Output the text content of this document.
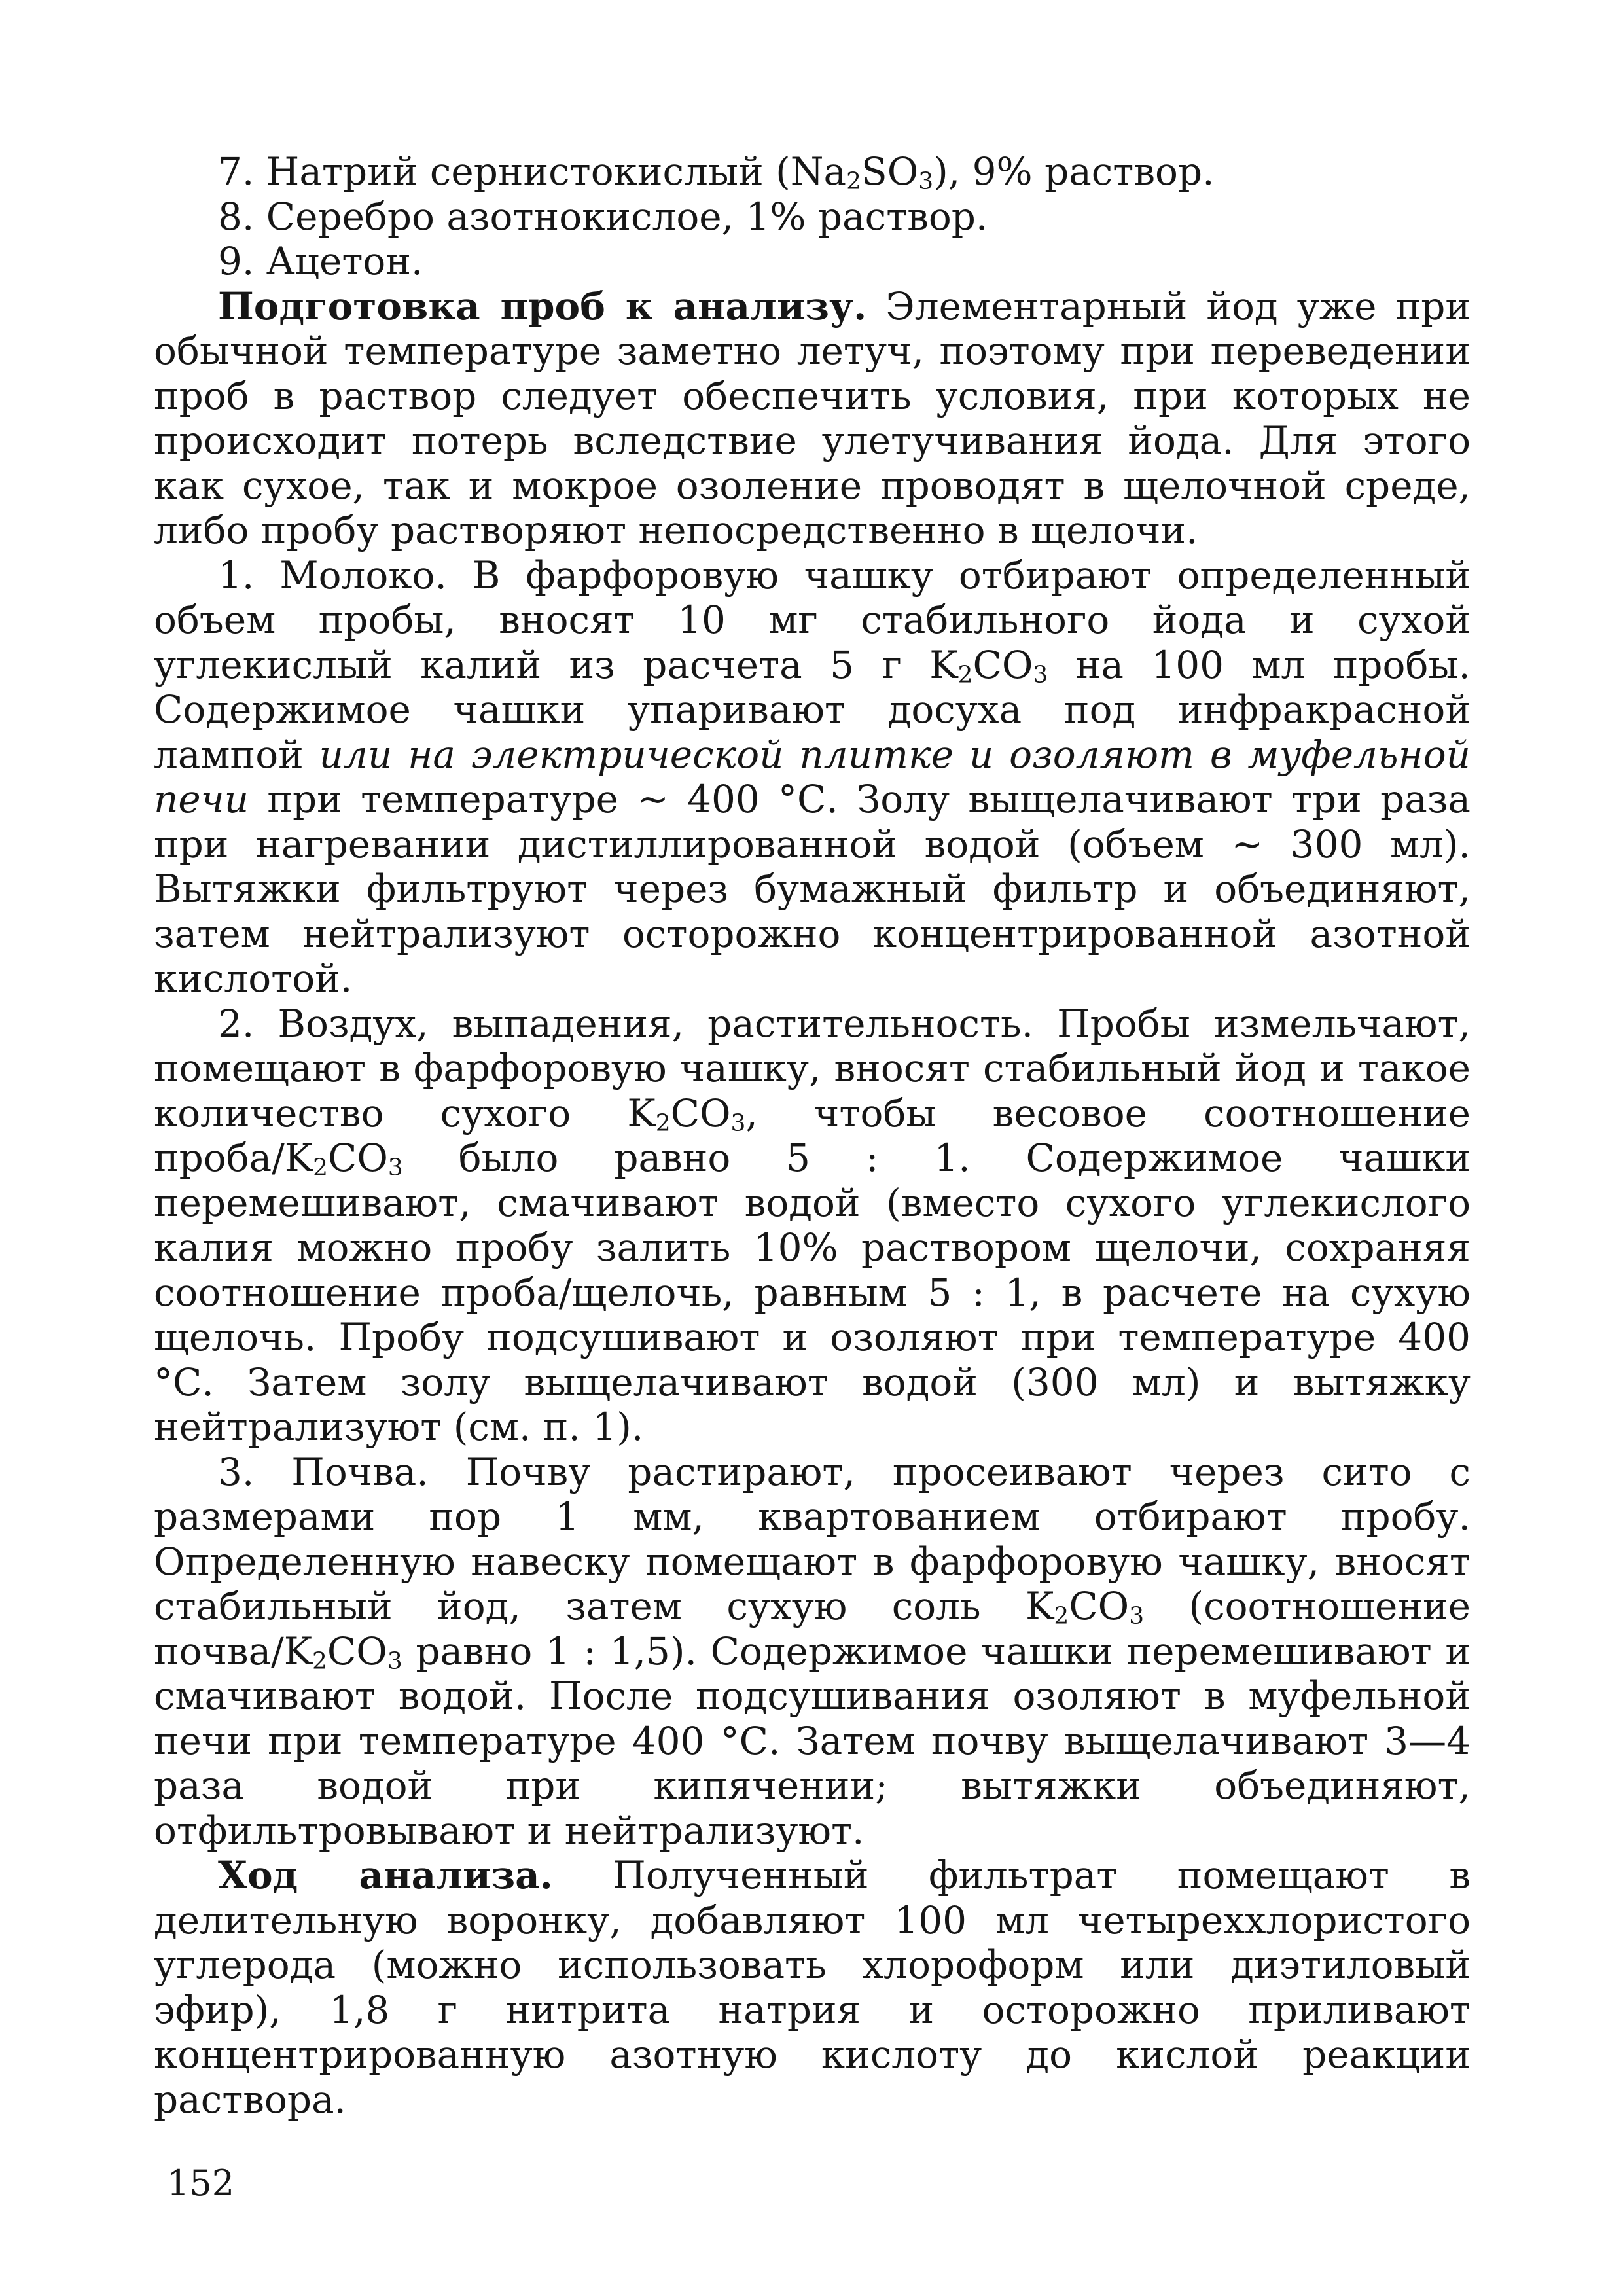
7. Натрий сернистокислый $(Na_2SO_3)$, 9% раствор.
8. Серебро азотнокислое, 1% раствор.
9. Ацетон.

Подготовка проб к анализу. Элементарный йод уже при обычной температуре заметно летуч, поэтому при переведении проб в раствор следует обеспечить условия, при которых не происходит потерь вследствие улетучивания йода. Для этого как сухое, так и мокрое озоление проводят в щелочной среде, либо пробу растворяют непосредственно в щелочи.

1. Молоко. В фарфоровую чашку отбирают определенный объем пробы, вносят 10 мг стабильного йода и сухой углекислый калий из расчета 5 г $K_2CO_3$ на 100 мл пробы. Содержимое чашки упаривают досуха под инфракрасной лампой или на электрической плитке и озоляют в муфельной печи при температуре ~ 400 °С. Золу выщелачивают три раза при нагревании дистиллированной водой (объем ~ 300 мл). Вытяжки фильтруют через бумажный фильтр и объединяют, затем нейтрализуют осторожно концентрированной азотной кислотой.

2. Воздух, выпадения, растительность. Пробы измельчают, помещают в фарфоровую чашку, вносят стабильный йод и такое количество сухого $K_2CO_3$, чтобы весовое соотношение проба/$K_2CO_3$ было равно 5 : 1. Содержимое чашки перемешивают, смачивают водой (вместо сухого углекислого калия можно пробу залить 10% раствором щелочи, сохраняя соотношение проба/щелочь, равным 5 : 1, в расчете на сухую щелочь. Пробу подсушивают и озоляют при температуре 400 °С. Затем золу выщелачивают водой (300 мл) и вытяжку нейтрализуют (см. п. 1).

3. Почва. Почву растирают, просеивают через сито с размерами пор 1 мм, квартованием отбирают пробу. Определенную навеску помещают в фарфоровую чашку, вносят стабильный йод, затем сухую соль $K_2CO_3$ (соотношение почва/$K_2CO_3$ равно 1 : 1,5). Содержимое чашки перемешивают и смачивают водой. После подсушивания озоляют в муфельной печи при температуре 400 °С. Затем почву выщелачивают 3—4 раза водой при кипячении; вытяжки объединяют, отфильтровывают и нейтрализуют.

Ход анализа. Полученный фильтрат помещают в делительную воронку, добавляют 100 мл четыреххлористого углерода (можно использовать хлороформ или диэтиловый эфир), 1,8 г нитрита натрия и осторожно приливают концентрированную азотную кислоту до кислой реакции раствора.

152
